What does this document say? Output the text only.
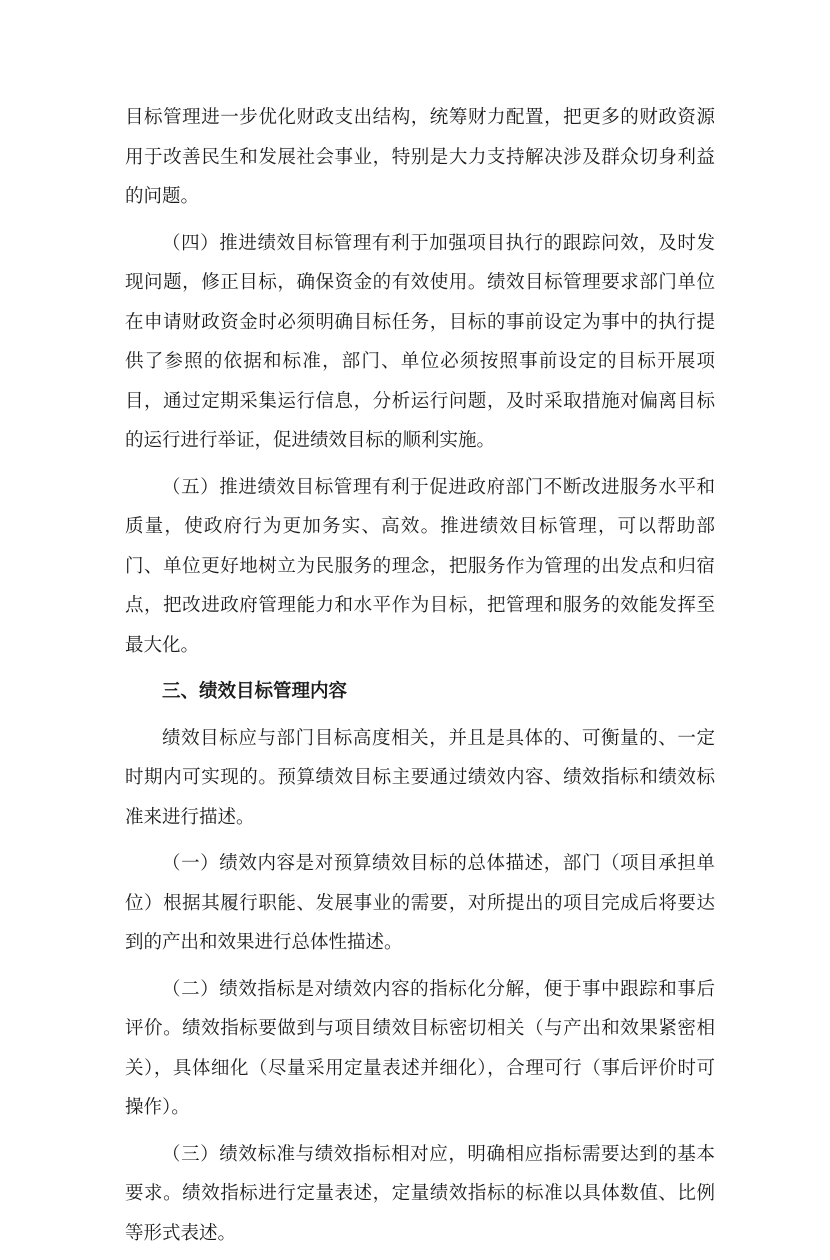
目标管理进一步优化财政支出结构，统筹财力配置，把更多的财政资源用于改善民生和发展社会事业，特别是大力支持解决涉及群众切身利益的问题。

（四）推进绩效目标管理有利于加强项目执行的跟踪问效，及时发现问题，修正目标，确保资金的有效使用。绩效目标管理要求部门单位在申请财政资金时必须明确目标任务，目标的事前设定为事中的执行提供了参照的依据和标准，部门、单位必须按照事前设定的目标开展项目，通过定期采集运行信息，分析运行问题，及时采取措施对偏离目标的运行进行举证，促进绩效目标的顺利实施。

（五）推进绩效目标管理有利于促进政府部门不断改进服务水平和质量，使政府行为更加务实、高效。推进绩效目标管理，可以帮助部门、单位更好地树立为民服务的理念，把服务作为管理的出发点和归宿点，把改进政府管理能力和水平作为目标，把管理和服务的效能发挥至最大化。

三、绩效目标管理内容

绩效目标应与部门目标高度相关，并且是具体的、可衡量的、一定时期内可实现的。预算绩效目标主要通过绩效内容、绩效指标和绩效标准来进行描述。

（一）绩效内容是对预算绩效目标的总体描述，部门（项目承担单位）根据其履行职能、发展事业的需要，对所提出的项目完成后将要达到的产出和效果进行总体性描述。

（二）绩效指标是对绩效内容的指标化分解，便于事中跟踪和事后评价。绩效指标要做到与项目绩效目标密切相关（与产出和效果紧密相关），具体细化（尽量采用定量表述并细化），合理可行（事后评价时可操作）。

（三）绩效标准与绩效指标相对应，明确相应指标需要达到的基本要求。绩效指标进行定量表述，定量绩效指标的标准以具体数值、比例等形式表述。
